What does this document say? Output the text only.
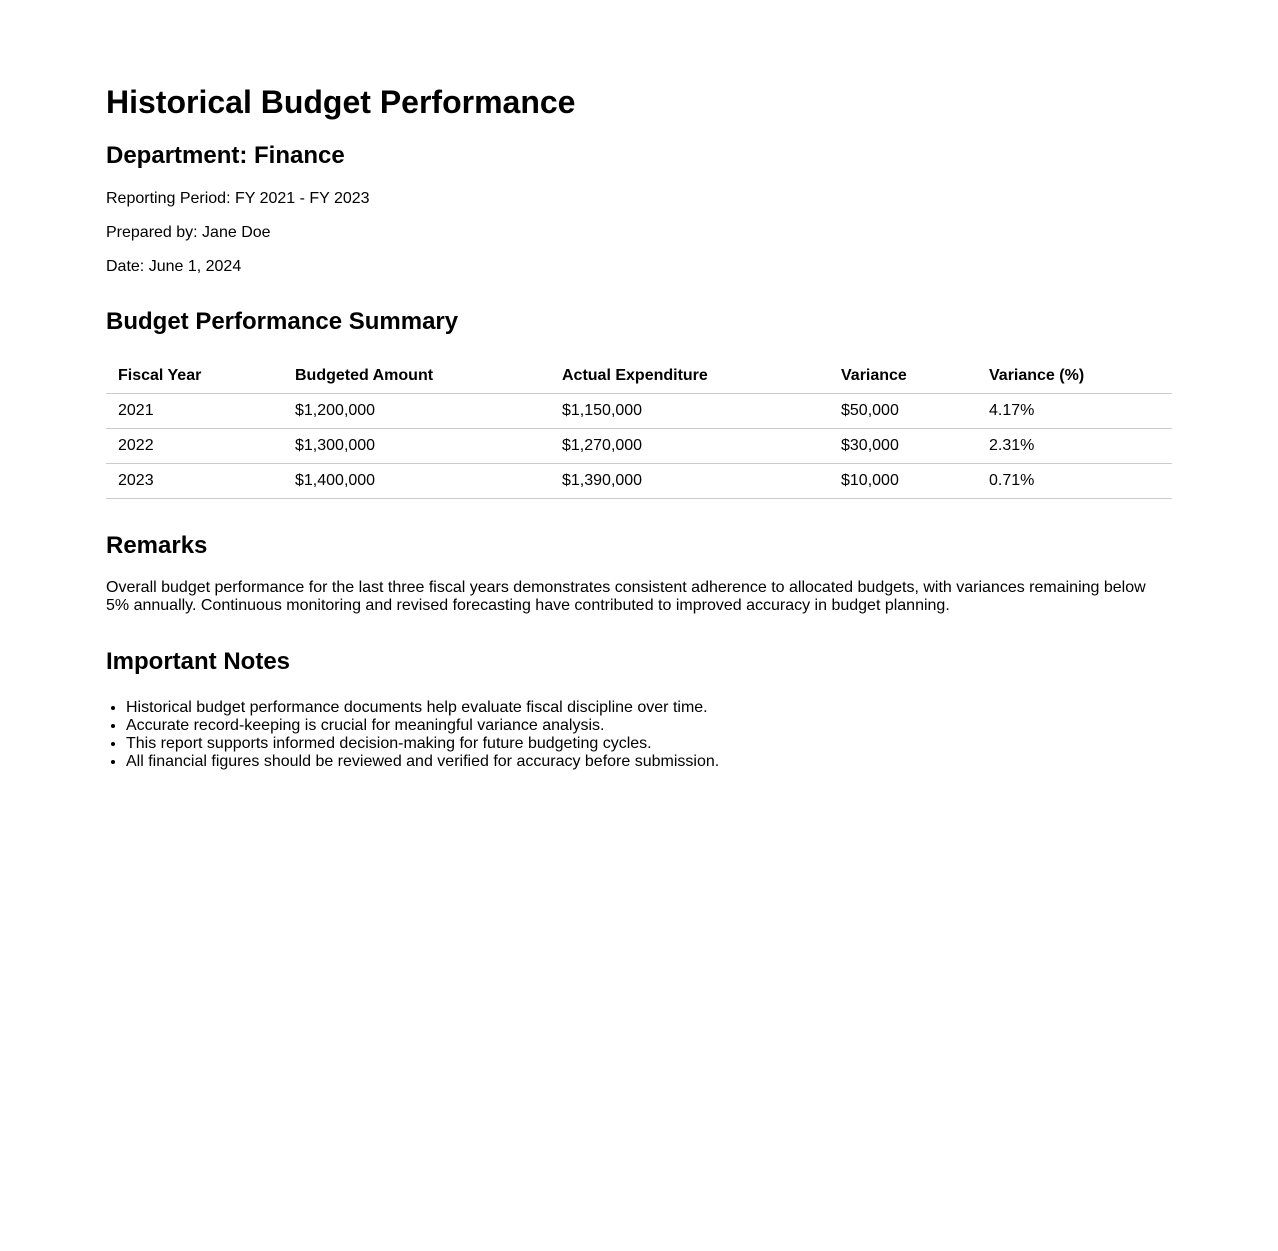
Historical Budget Performance
Department: Finance

Reporting Period: FY 2021 - FY 2023

Prepared by: Jane Doe

Date: June 1, 2024

Budget Performance Summary
Fiscal Year	Budgeted Amount	Actual Expenditure	Variance	Variance (%)
2021	$1,200,000	$1,150,000	$50,000	4.17%
2022	$1,300,000	$1,270,000	$30,000	2.31%
2023	$1,400,000	$1,390,000	$10,000	0.71%
Remarks

Overall budget performance for the last three fiscal years demonstrates consistent adherence to allocated budgets, with variances remaining below 5% annually. Continuous monitoring and revised forecasting have contributed to improved accuracy in budget planning.

Important Notes
• Historical budget performance documents help evaluate fiscal discipline over time.
• Accurate record-keeping is crucial for meaningful variance analysis.
• This report supports informed decision-making for future budgeting cycles.
• All financial figures should be reviewed and verified for accuracy before submission.
